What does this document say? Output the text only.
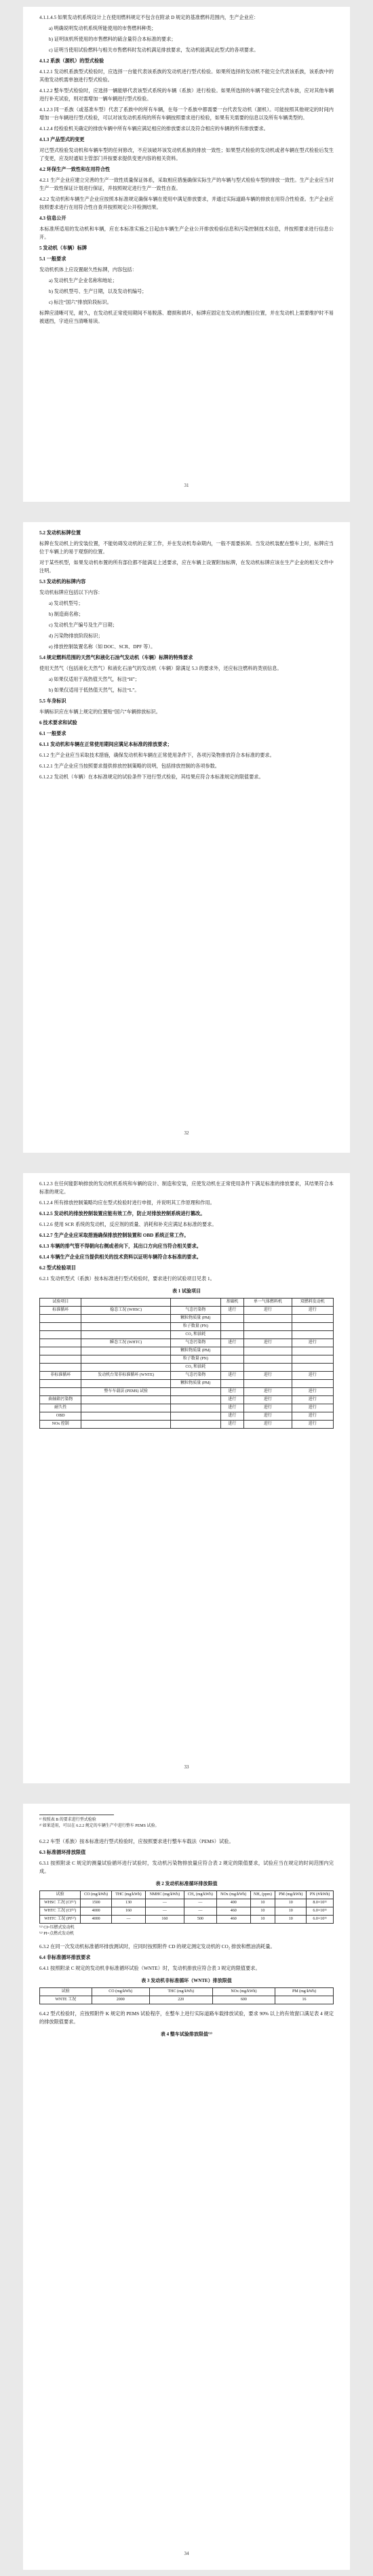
4.1.1.4.5 如果发动机系统设计上在使用燃料规定不包含在附录 D 规定的基准燃料范围内，生产企业应：

a) 明确说明发动机系统所能使用的市售燃料种类；

b) 证明该机所使用的市售燃料的硫含量符合本标准的要求；

c) 证明当使用试验燃料与相关市售燃料时发动机满足排放要求，发动机能满足此型式的各项要求。

4.1.2 系族（源机）的型式检验

4.1.2.1 发动机系族型式检验时，应选择一台能代表该系族的发动机进行型式检验。如果所选择的发动机不能完全代表该系族，该系族中的其他发动机需单独进行型式检验。

4.1.2.2 整车型式检验时，应选择一辆能够代表该型式系统的车辆（系族）进行检验。如果所选择的车辆不能完全代表车族，应对其他车辆进行补充试验，则对需增加一辆车辆进行型式检验。

4.1.2.3 同一系族（或基准车型）代表了系族中的所有车辆，在每一个系族中都需要一台代表发动机（源机）。可能按照其他规定的时间内增加一台车辆进行型式检验，可以对该发动机系统的所有车辆按照要求进行检验，如果有关需要的信息以及所有车辆类型的。

4.1.2.4 经检验机关确定的排放车辆中所有车辆应满足相应的排放要求以及符合相应的车辆的所有排放要求。

4.1.3 产品型式的变更

对已型式检验发动机和车辆车型的任何修改，不应该破坏该发动机系族的排放一致性；如果型式检验的发动机或者车辆在型式检验后发生了变更，应及时通知主管部门并按要求提供变更内容的相关资料。

4.2 环保生产一致性和在用符合性

4.2.1 生产企业应建立完善的生产一致性质量保证体系，采取相应措施确保实际生产的车辆与型式检验车型的排放一致性。生产企业应当对生产一致性保证计划进行保证，并按照规定进行生产一致性自查。

4.2.2 发动机和车辆生产企业应按照本标准规定确保车辆在使用中满足排放要求，并通过实际道路车辆的排放在用符合性检查。生产企业应按照要求进行在用符合性自查并按照规定公开检测结果。

4.3 信息公开

本标准所适用的发动机和车辆，应在本标准实施之日起由车辆生产企业公开排放检验信息和污染控制技术信息，并按照要求进行信息公开。

5 发动机（车辆）标牌

5.1 一般要求

发动机机体上应设置耐久性标牌，内容包括：

a) 发动机生产企业名称和地址；

b) 发动机型号、生产日期，以及发动机编号；

c) 标注“国六”排放阶段标识。

标牌应清晰可见，耐久，在发动机正常使用期间不易脱落、磨损和损坏，标牌应固定在发动机的醒目位置，并在发动机上需要维护时不易被遮挡，字迹应当清晰易读。

31

5.2 发动机标牌位置

标牌在发动机上的安装位置，不能妨碍发动机的正常工作，并在发动机寿命期内，一般不需要拆卸。当发动机装配在整车上时，标牌应当位于车辆上的易于观察的位置。

对于某些机型，如果发动机布置的所有部位都不能满足上述要求，应在车辆上设置附加标牌，在发动机标牌应该在生产企业的相关文件中注明。

5.3 发动机的标牌内容

发动机标牌应包括以下内容：

a) 发动机型号；

b) 制造商名称；

c) 发动机生产编号及生产日期；

d) 污染物排放阶段标识；

e) 排放控制装置名称（如 DOC、SCR、DPF 等）。

5.4 规定燃料范围的天然气和液化石油气发动机（车辆）标牌的特殊要求

使用天然气（包括液化天然气）和液化石油气的发动机（车辆）除满足 5.3 的要求外，还应标注燃料的类别信息。

a) 如果仅适用于高热值天然气，标注“H”；

b) 如果仅适用于低热值天然气，标注“L”。

5.5 车身标识

车辆标识应在车辆上规定的位置贴“国六”车辆排放标识。

6 技术要求和试验

6.1 一般要求

6.1.1 发动机和车辆在正常使用期间应满足本标准的排放要求；

6.1.2 生产企业应当采取技术措施，确保发动机和车辆在正常使用条件下，各项污染物排放符合本标准的要求。

6.1.2.1 生产企业应当按照要求提供排放控制策略的说明，包括排放控制的各项参数。

6.1.2.2 发动机（车辆）在本标准规定的试验条件下进行型式检验，其结果应符合本标准规定的限值要求。

32

6.1.2.3 在任何能影响排放的发动机机系统和车辆的设计、制造和安装，应使发动机在正常使用条件下满足标准的排放要求，其结果符合本标准的规定。

6.1.2.4 所有排放控制策略均应在型式检验时进行申报，并说明其工作原理和作用。

6.1.2.5 发动机的排放控制装置应能有效工作，防止对排放控制系统进行篡改。

6.1.2.6 使用 SCR 系统的发动机，反应剂的质量、消耗和补充应满足本标准的要求。

6.1.2.7 生产企业应采取措施确保排放控制装置和 OBD 系统正常工作。

6.1.3 车辆的排气管不得朝向右侧或者向下，其出口方向应当符合相关要求。

6.1.4 车辆生产企业应当提供相关的技术资料以证明车辆符合本标准的要求。

6.2 型式检验项目

6.2.1 发动机型式（系族）按本标准进行型式检验时，要求进行的试验项目见表 1。

表 1 试验项目
试验项目			基础机	单一气体燃料机	双燃料发动机
标准循环	稳态工况 (WHSC)	气态污染物	进行	进行	进行
		颗粒物质量 (PM)			
		粒子数量 (PN)			
		CO₂ 和油耗			
	瞬态工况 (WHTC)	气态污染物	进行	进行	进行
		颗粒物质量 (PM)			
		粒子数量 (PN)			
		CO₂ 和油耗			
非标准循环	发动机台架非标准循环 (WNTE)	气态污染物	进行	进行	进行
		颗粒物质量 (PM)			
	整车车载法 (PEMS) 试验		进行	进行	进行
曲轴箱污染物			进行	进行	进行
耐久性			进行	进行	进行
OBD			进行	进行	进行
NOx 控制			进行	进行	进行
33
¹⁾ 按照表 B 的要求进行型式检验
²⁾ 如果适用，可以在 6.2.2 规定的车辆生产中进行整车 PEMS 试验。

6.2.2 车型（系族）按本标准进行型式检验时，应按照要求进行整车车载法（PEMS）试验。

6.3 标准循环排放限值

6.3.1 按照附录 C 规定的测量试验循环进行试验时，发动机污染物排放量应符合表 2 规定的限值要求，试验应当在规定的时间范围内完成。

表 2 发动机标准循环排放限值
试验	CO (mg/kWh)	THC (mg/kWh)	NMHC (mg/kWh)	CH₄ (mg/kWh)	NOx (mg/kWh)	NH₃ (ppm)	PM (mg/kWh)	PN (#/kWh)
WHSC 工况 (CI⁽¹⁾)	1500	130	—	—	400	10	10	8.0×10¹¹
WHTC 工况 (CI⁽¹⁾)	4000	160	—	—	460	10	10	6.0×10¹¹
WHTC 工况 (PI⁽²⁾)	4000	—	160	500	460	10	10	6.0×10¹¹
⁽¹⁾ CI=压燃式发动机
⁽²⁾ PI=点燃式发动机

6.3.2 在同一次发动机标准循环排放测试时，应同时按照附件 CD 的规定测定发动机的 CO₂ 排放和燃油消耗量。

6.4 非标准循环排放要求

6.4.1 按照附录 C 规定的发动机非标准循环试验（WNTE）时，发动机排放应符合表 3 规定的限值要求。

表 3 发动机非标准循环（WNTE）排放限值
试验	CO (mg/kWh)	THC (mg/kWh)	NOx (mg/kWh)	PM (mg/kWh)
WNTE 工况	2000	220	600	16

6.4.2 型式检验时，应按照附件 K 规定的 PEMS 试验程序，在整车上进行实际道路车载排放试验，要求 90% 以上的有效窗口满足表 4 规定的排放限值要求。

表 4 整车试验排放限值⁽¹⁾
34
